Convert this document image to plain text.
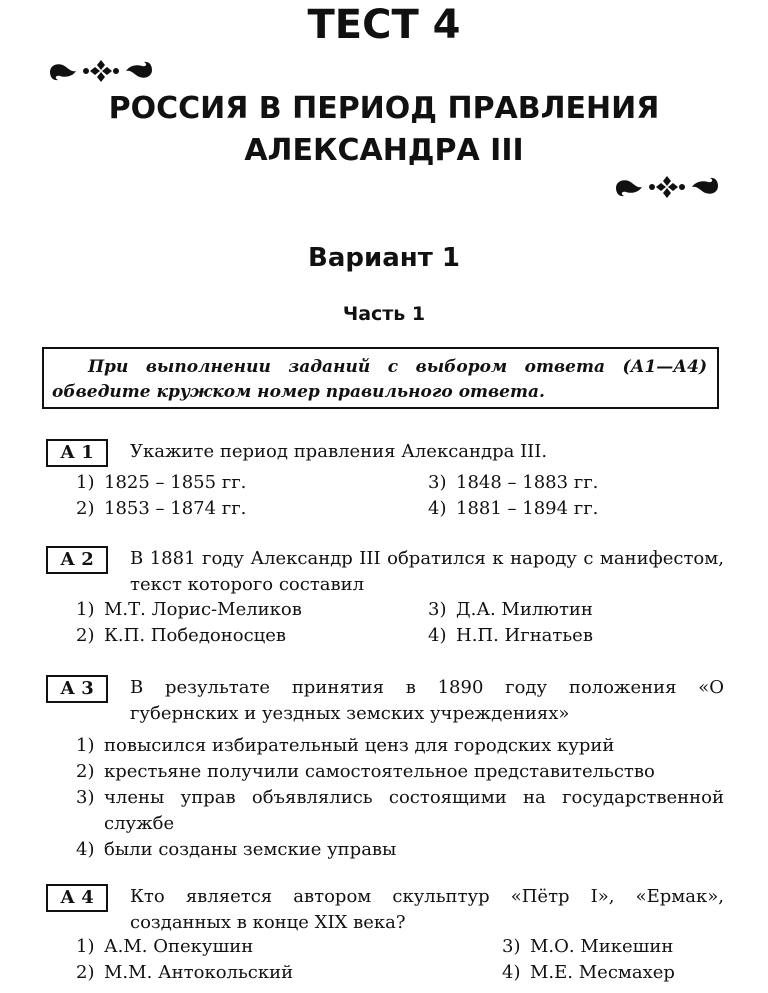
ТЕСТ 4
РОССИЯ В ПЕРИОД ПРАВЛЕНИЯ
АЛЕКСАНДРА III
Вариант 1
Часть 1
При выполнении заданий с выбором ответа (А1—А4) обведите кружком номер правильного ответа.
А 1	Укажите период правления Александра III.
1) 1825 – 1855 гг.
2) 1853 – 1874 гг.
3) 1848 – 1883 гг.
4) 1881 – 1894 гг.
А 2	В 1881 году Александр III обратился к народу с манифестом, текст которого составил
1) М.Т. Лорис-Меликов
2) К.П. Победоносцев
3) Д.А. Милютин
4) Н.П. Игнатьев
А 3	В результате принятия в 1890 году положения «О губернских и уездных земских учреждениях»
1) повысился избирательный ценз для городских курий
2) крестьяне получили самостоятельное представительство
3) члены управ объявлялись состоящими на государственной службе
4) были созданы земские управы
А 4	Кто является автором скульптур «Пётр I», «Ермак», созданных в конце XIX века?
1) А.М. Опекушин
2) М.М. Антокольский
3) М.О. Микешин
4) М.Е. Месмахер
